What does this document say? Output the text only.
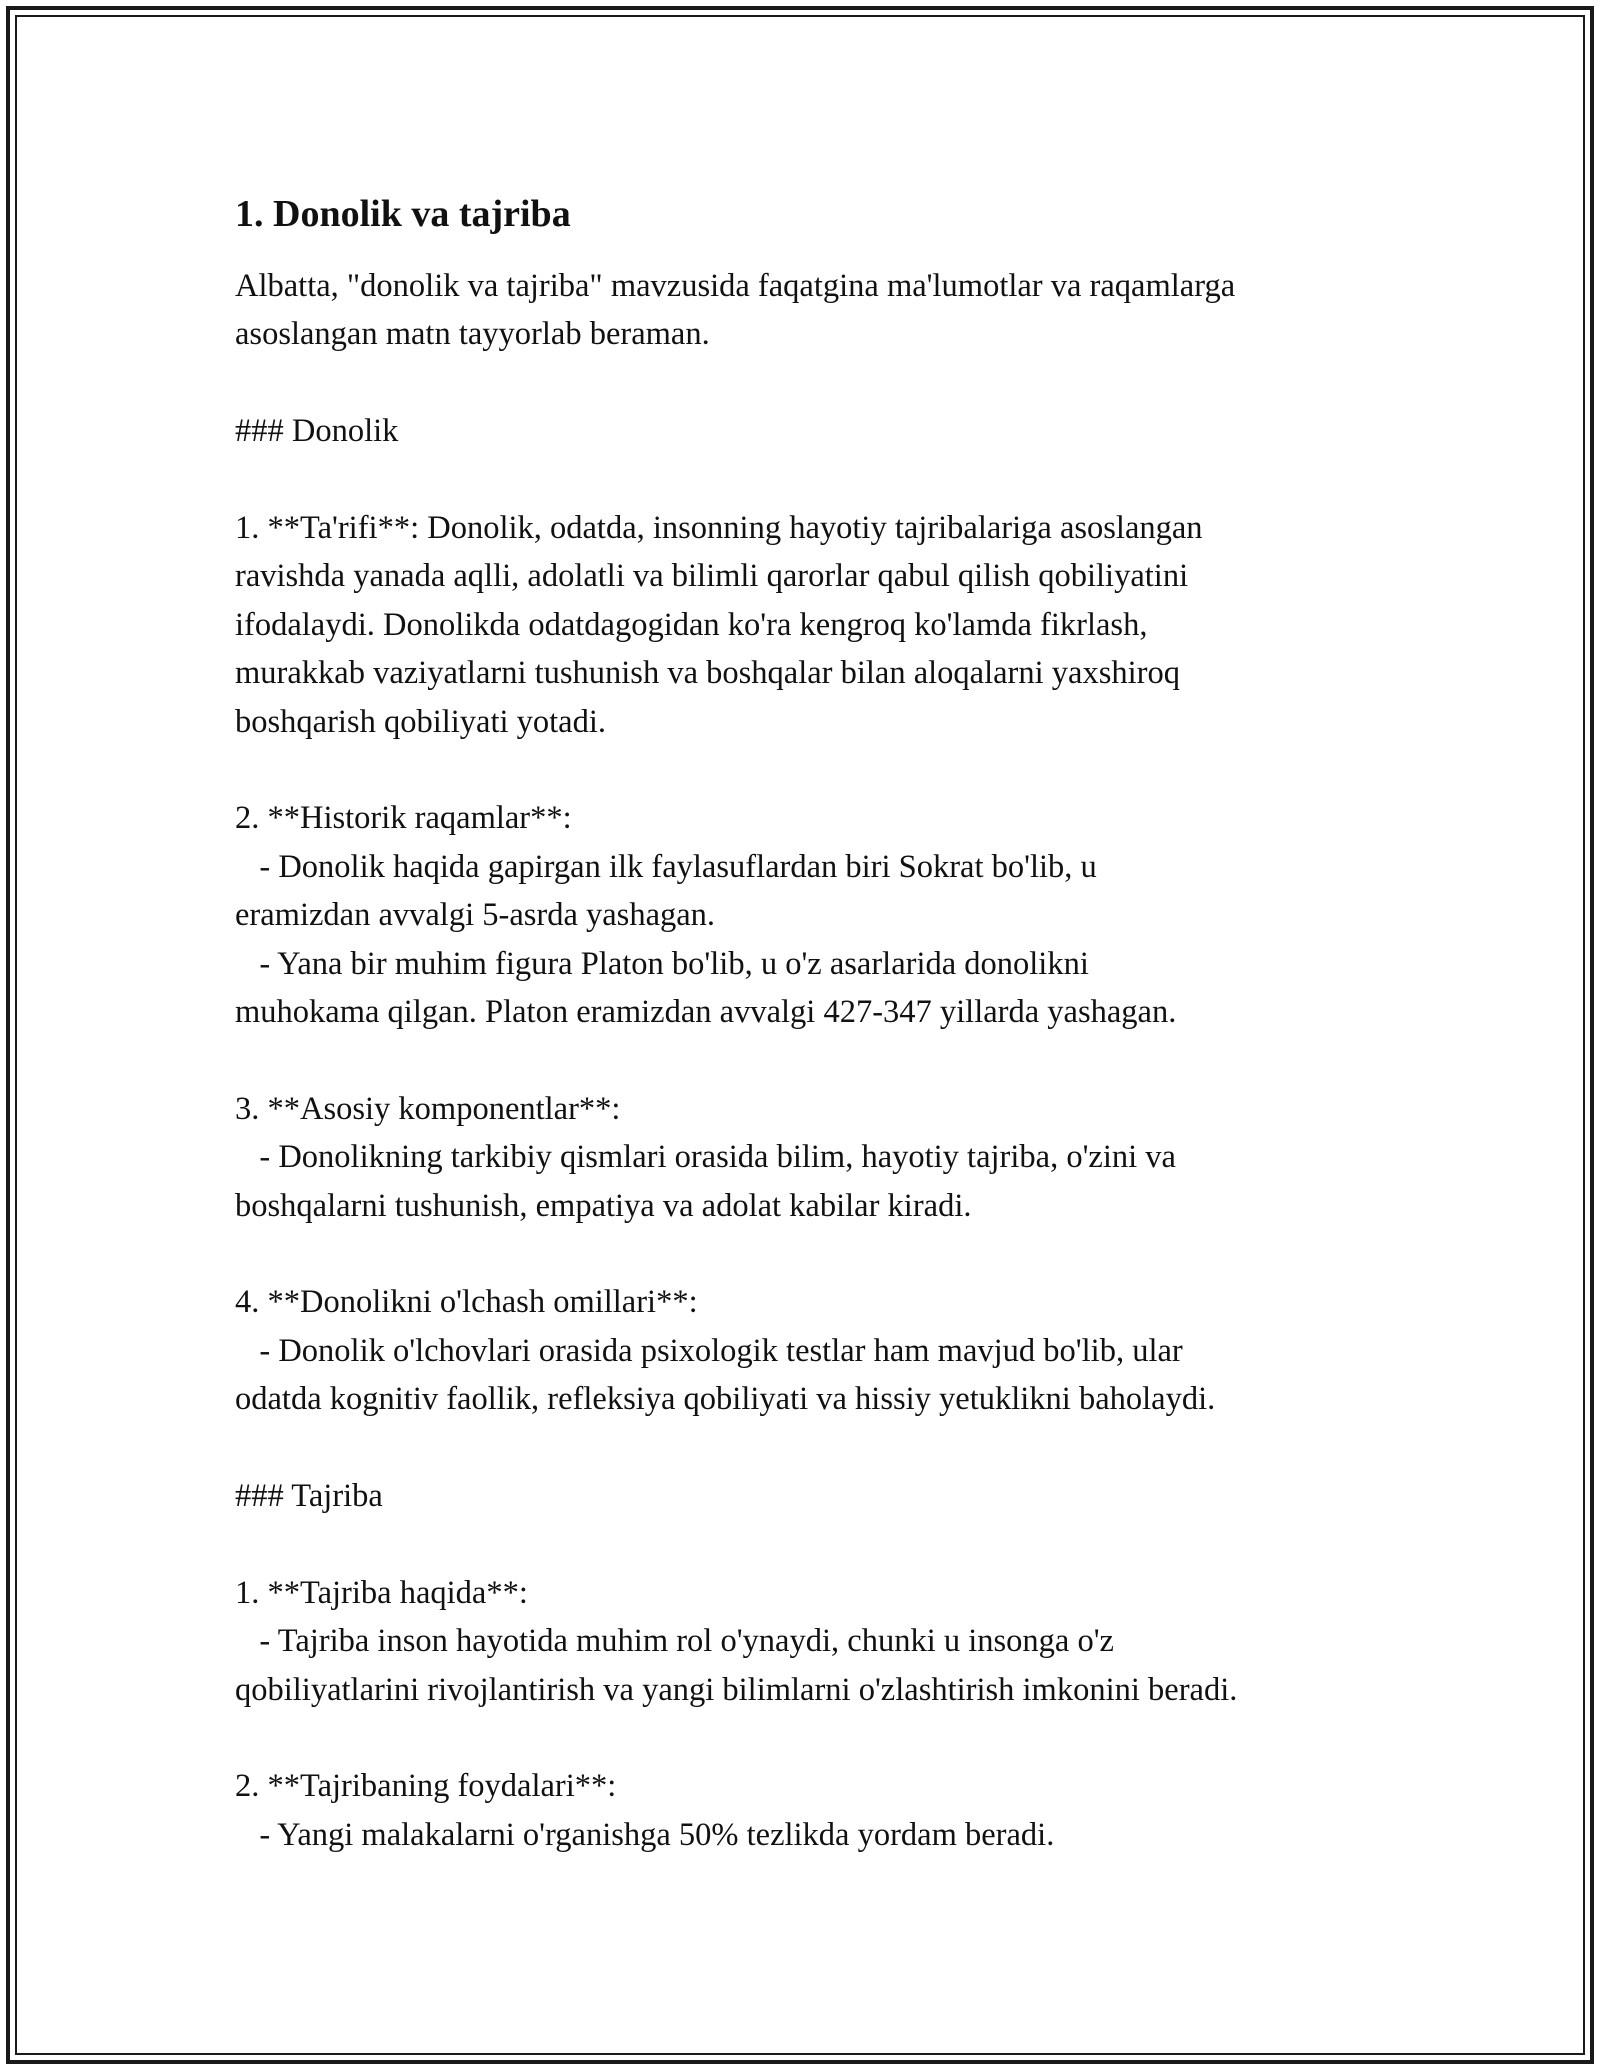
1. Donolik va tajriba

Albatta, "donolik va tajriba" mavzusida faqatgina ma'lumotlar va raqamlarga
asoslangan matn tayyorlab beraman.

### Donolik

1. **Ta'rifi**: Donolik, odatda, insonning hayotiy tajribalariga asoslangan
ravishda yanada aqlli, adolatli va bilimli qarorlar qabul qilish qobiliyatini
ifodalaydi. Donolikda odatdagogidan ko'ra kengroq ko'lamda fikrlash,
murakkab vaziyatlarni tushunish va boshqalar bilan aloqalarni yaxshiroq
boshqarish qobiliyati yotadi.

2. **Historik raqamlar**:
- Donolik haqida gapirgan ilk faylasuflardan biri Sokrat bo'lib, u
eramizdan avvalgi 5-asrda yashagan.
- Yana bir muhim figura Platon bo'lib, u o'z asarlarida donolikni
muhokama qilgan. Platon eramizdan avvalgi 427-347 yillarda yashagan.

3. **Asosiy komponentlar**:
- Donolikning tarkibiy qismlari orasida bilim, hayotiy tajriba, o'zini va
boshqalarni tushunish, empatiya va adolat kabilar kiradi.

4. **Donolikni o'lchash omillari**:
- Donolik o'lchovlari orasida psixologik testlar ham mavjud bo'lib, ular
odatda kognitiv faollik, refleksiya qobiliyati va hissiy yetuklikni baholaydi.

### Tajriba

1. **Tajriba haqida**:
- Tajriba inson hayotida muhim rol o'ynaydi, chunki u insonga o'z
qobiliyatlarini rivojlantirish va yangi bilimlarni o'zlashtirish imkonini beradi.

2. **Tajribaning foydalari**:
- Yangi malakalarni o'rganishga 50% tezlikda yordam beradi.
